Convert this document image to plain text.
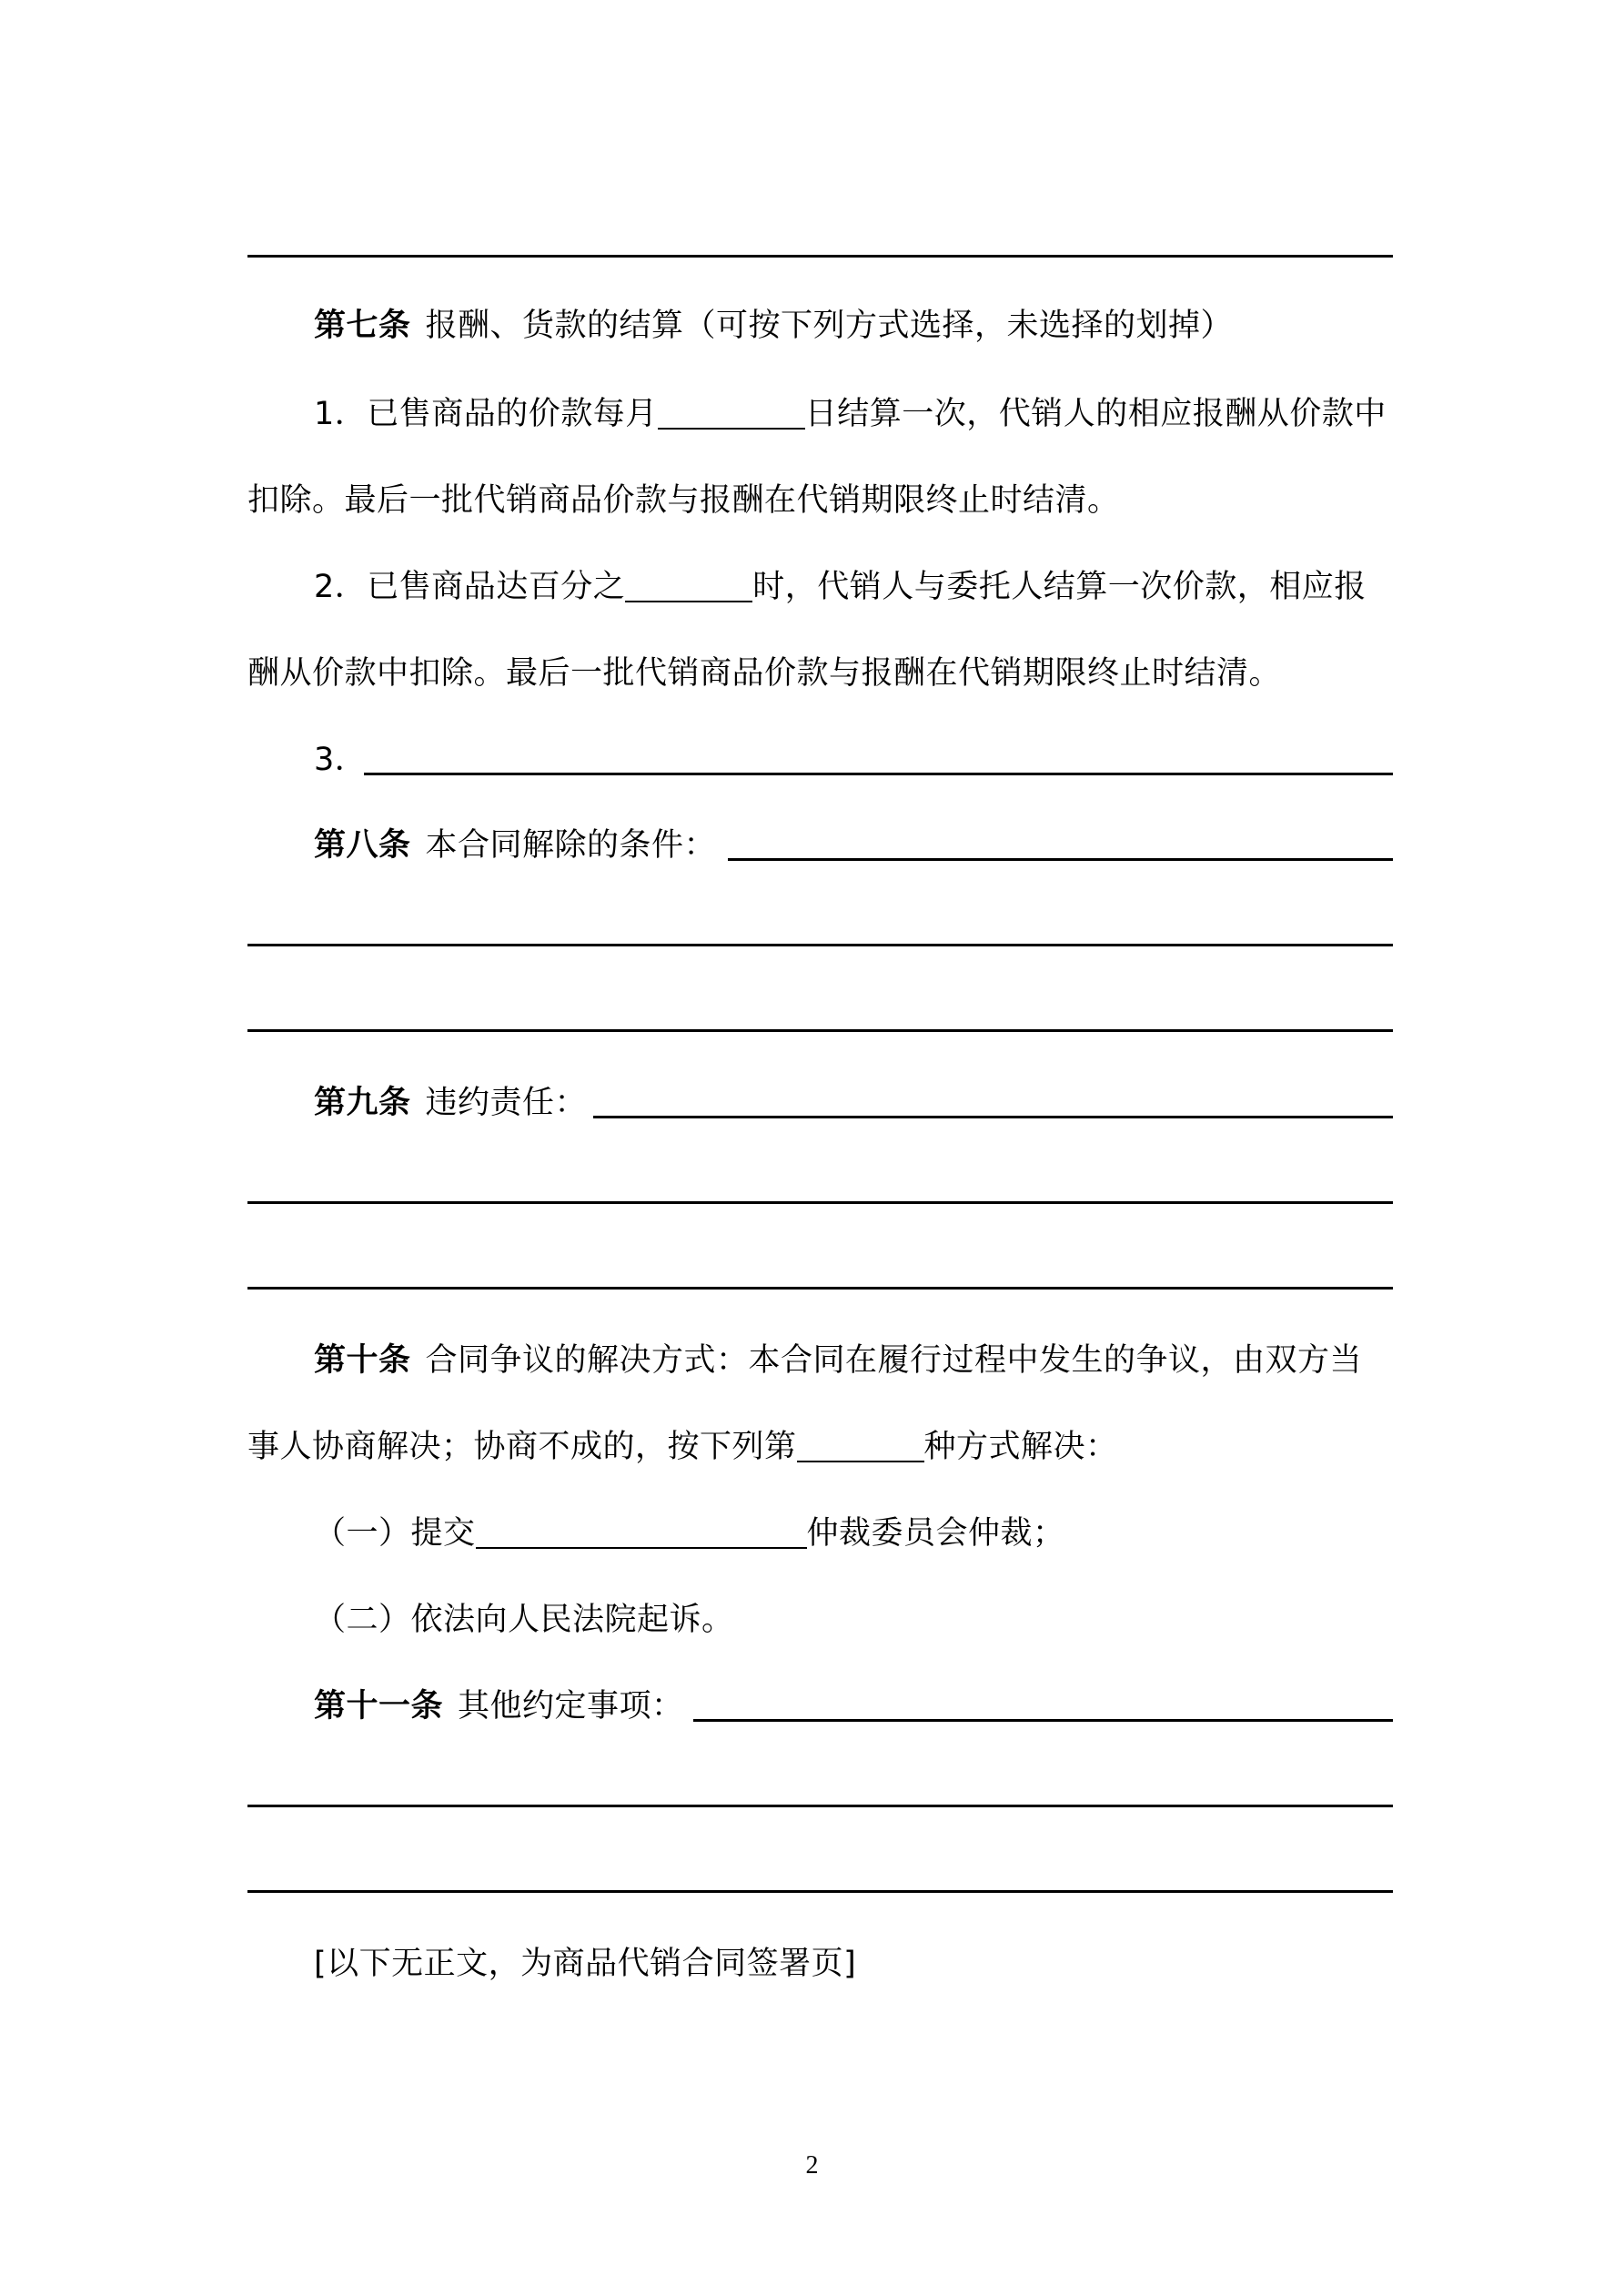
第七条 报酬、货款的结算（可按下列方式选择，未选择的划掉）
1．已售商品的价款每月	日结算一次，代销人的相应报酬从价款中
扣除。最后一批代销商品价款与报酬在代销期限终止时结清。
2．已售商品达百分之	时，代销人与委托人结算一次价款，相应报
酬从价款中扣除。最后一批代销商品价款与报酬在代销期限终止时结清。
3．
第八条 本合同解除的条件：
第九条 违约责任：
第十条 合同争议的解决方式：本合同在履行过程中发生的争议，由双方当
事人协商解决；协商不成的，按下列第	种方式解决：
（一）提交	仲裁委员会仲裁；
（二）依法向人民法院起诉。
第十一条 其他约定事项：
[以下无正文，为商品代销合同签署页]
2
